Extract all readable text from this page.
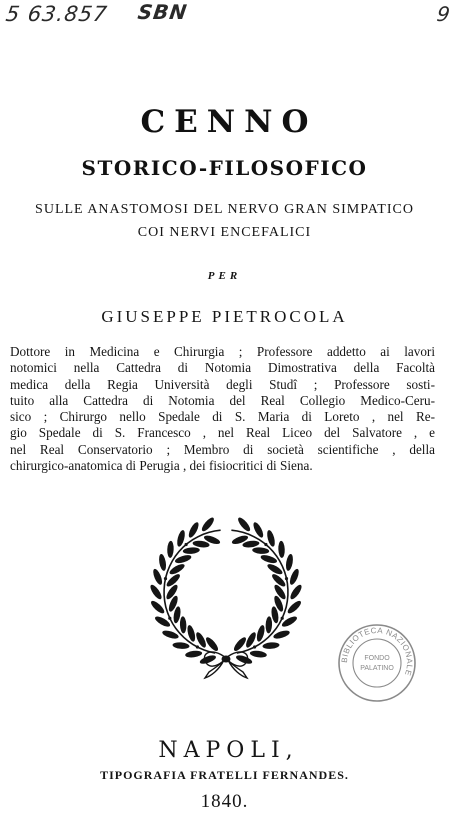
5 63.857 SBN	9
CENNO
STORICO-FILOSOFICO
SULLE ANASTOMOSI DEL NERVO GRAN SIMPATICO
COI NERVI ENCEFALICI
PER
GIUSEPPE PIETROCOLA
Dottore in Medicina e Chirurgia ; Professore addetto ai lavori
notomici nella Cattedra di Notomia Dimostrativa della Facoltà
medica della Regia Università degli Studî ; Professore sosti-
tuito alla Cattedra di Notomia del Real Collegio Medico-Ceru-
sico ; Chirurgo nello Spedale di S. Maria di Loreto , nel Re-
gio Spedale di S. Francesco , nel Real Liceo del Salvatore , e
nel Real Conservatorio ; Membro di società scientifiche , della
chirurgico-anatomica di Perugia , dei fisiocritici di Siena.
BIBLIOTECA NAZIONALE
FONDO
PALATINO
NAPOLI,
TIPOGRAFIA FRATELLI FERNANDES.
1840.
